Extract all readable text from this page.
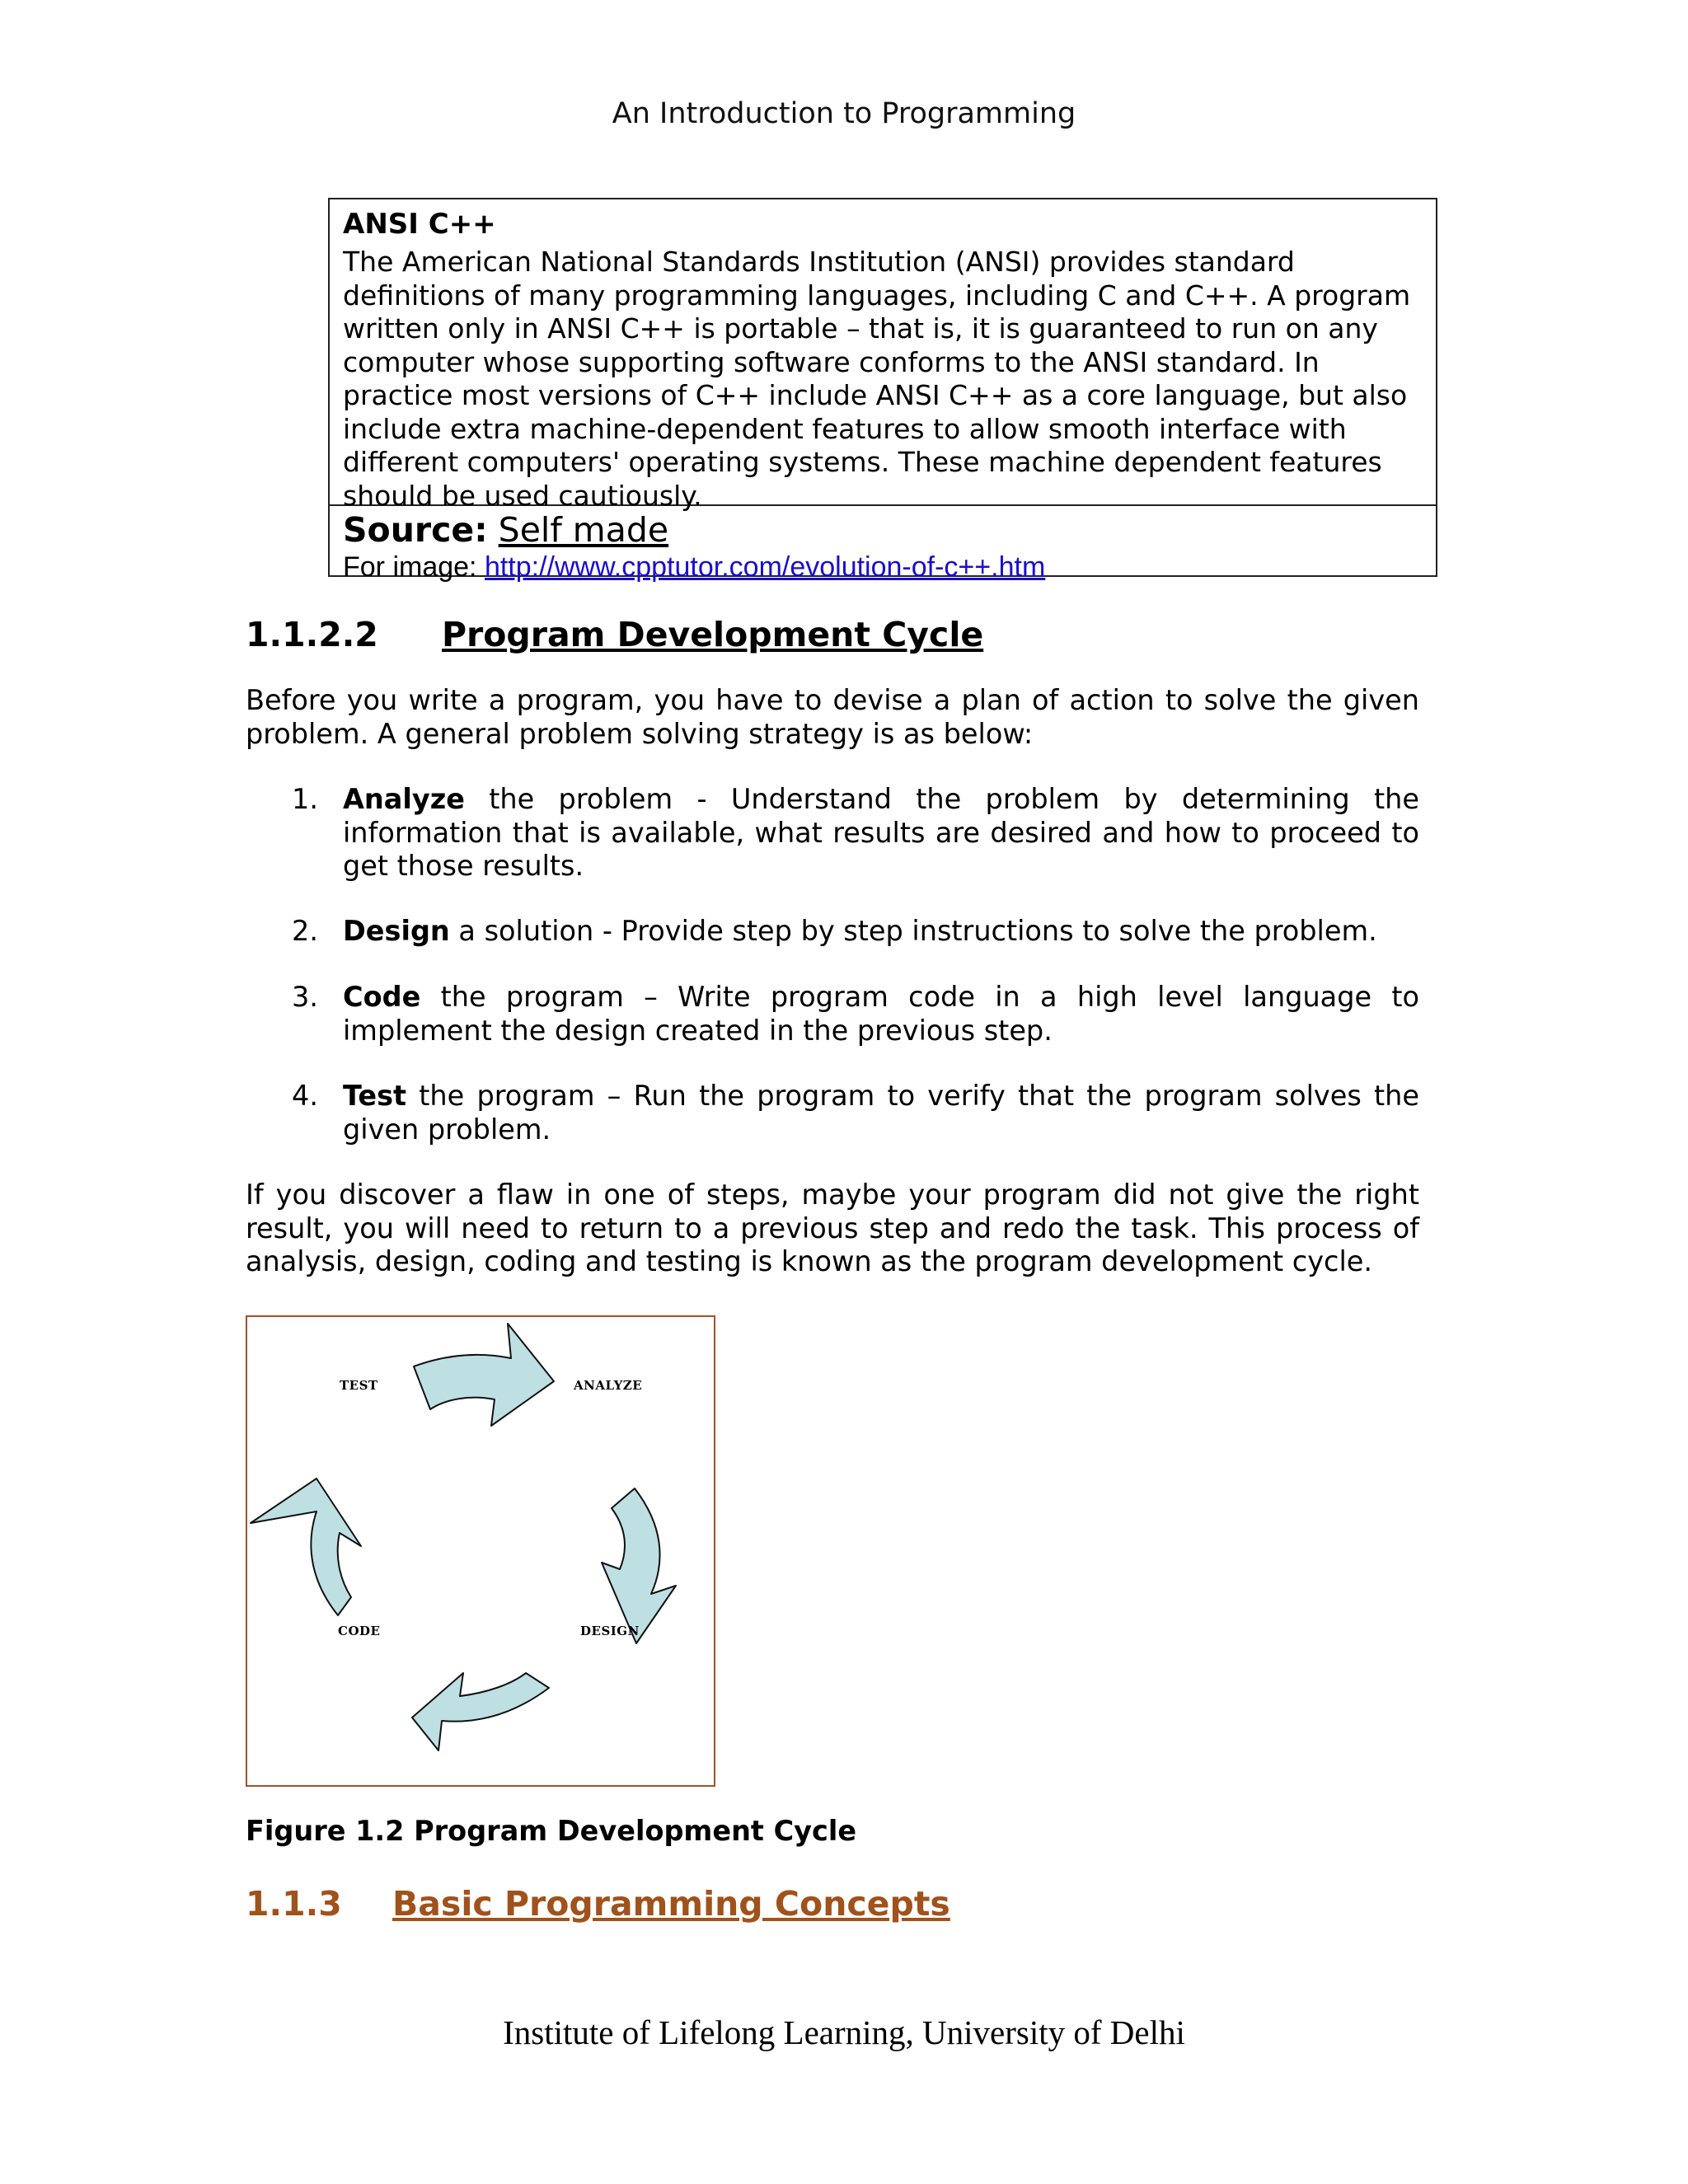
An Introduction to Programming
ANSI C++
The American National Standards Institution (ANSI) provides standard definitions of many programming languages, including C and C++. A program written only in ANSI C++ is portable – that is, it is guaranteed to run on any computer whose supporting software conforms to the ANSI standard. In practice most versions of C++ include ANSI C++ as a core language, but also include extra machine-dependent features to allow smooth interface with different computers' operating systems. These machine dependent features should be used cautiously.
Source: Self made
For image: http://www.cpptutor.com/evolution-of-c++.htm
1.1.2.2 Program Development Cycle

Before you write a program, you have to devise a plan of action to solve the given problem. A general problem solving strategy is as below:

1. Analyze the problem - Understand the problem by determining the information that is available, what results are desired and how to proceed to get those results.
2. Design a solution - Provide step by step instructions to solve the problem.
3. Code the program – Write program code in a high level language to implement the design created in the previous step.
4. Test the program – Run the program to verify that the program solves the given problem.

If you discover a flaw in one of steps, maybe your program did not give the right result, you will need to return to a previous step and redo the task. This process of analysis, design, coding and testing is known as the program development cycle.

TEST	ANALYZE
CODE	DESIGN
Figure 1.2 Program Development Cycle
1.1.3 Basic Programming Concepts
Institute of Lifelong Learning, University of Delhi
